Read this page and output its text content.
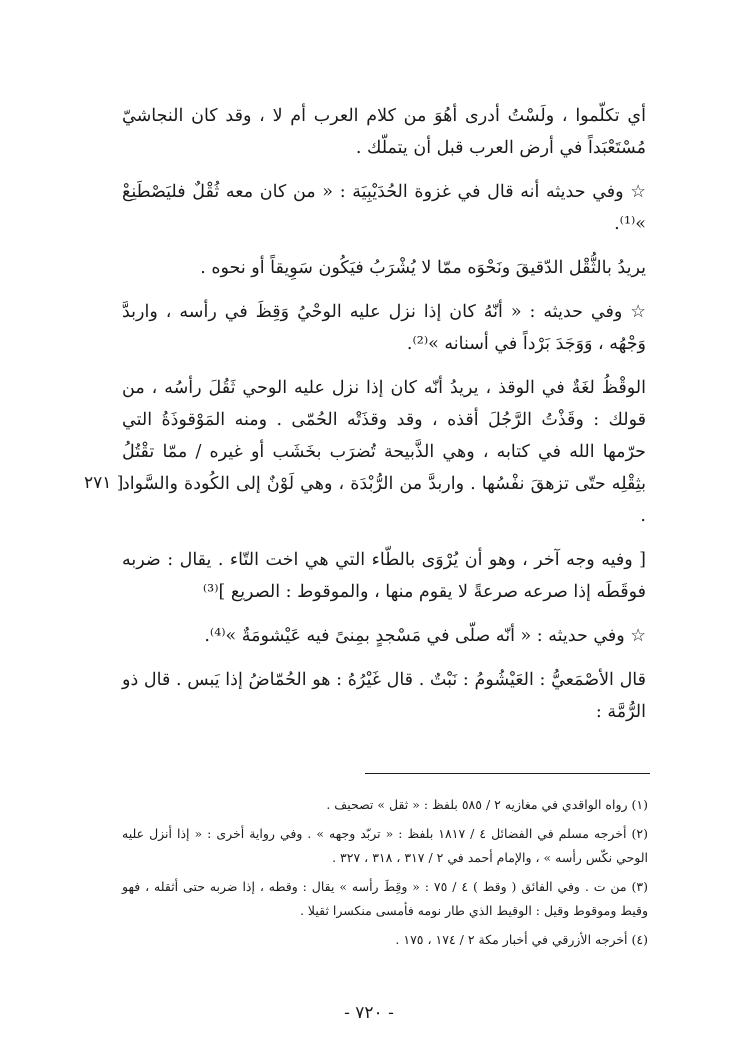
أي تكلّموا ، ولَسْتُ أدرى أهُوَ من كلام العرب أم لا ، وقد كان النجاشيّ مُسْتَعْبَداً في أرض العرب قبل أن يتملّك .

☆ وفي حديثه أنه قال في غزوة الحُدَيْبِيَة : « من كان معه ثُقْلٌ فليَصْطَنِعْ »⁽¹⁾.

يريدُ بالثُّقْل الدّقيقَ ونَحْوَه ممّا لا يُشْرَبُ فيَكُون سَوِيقاً أو نحوه .

☆ وفي حديثه : « أنّهُ كان إذا نزل عليه الوحْيُ وَقِظَ في رأسه ، واربدَّ وَجْهُه ، وَوَجَدَ بَرْداً في أسنانه »⁽²⁾.

الوقْظُ لغَةٌ في الوقذ ، يريدُ أنّه كان إذا نزل عليه الوحي ثَقُلَ رأسُه ، من قولك : وقَذْتُ الرَّجُلَ أقذه ، وقد وقذَتْه الحُمّى . ومنه المَوْقوذَةُ التي حرّمها الله في كتابه ، وهي الذَّبيحة تُضرَب بخَشَب أو غيره / ممّا تقْتُلُ بثِقْلِه حتّى تزهقَ نفْسُها . واربدَّ من الرُّبْدَة ، وهي لَوْنٌ إلى الكُودة والسَّواد .

[ وفيه وجه آخر ، وهو أن يُرْوَى بالطّاء التي هي اخت التّاء . يقال : ضربه فوقَطَه إذا صرعه صرعةً لا يقوم منها ، والموقوط : الصريع ]⁽³⁾

☆ وفي حديثه : « أنّه صلّى في مَسْجدٍ بمِنىً فيه عَيْشومَةٌ »⁽⁴⁾.

قال الأصْمَعيُّ : العَيْشُومُ : نَبْتٌ . قال غَيْرُهُ : هو الحُمّاضُ إذا يَبس . قال ذو الرُّمَّة :

[ ٢٧١

(١) رواه الواقدي في مغازيه ٢ / ٥٨٥ بلفظ : « ثقل » تصحيف .

(٢) أخرجه مسلم في الفضائل ٤ / ١٨١٧ بلفظ : « تربّد وجهه » . وفي رواية أخرى : « إذا أنزل عليه الوحي نكّس رأسه » ، والإمام أحمد في ٢ / ٣١٧ ، ٣١٨ ، ٣٢٧ .

(٣) من ت . وفي الفائق ( وقط ) ٤ / ٧٥ : « وقِطَ رأسه » يقال : وقطه ، إذا ضربه حتى أثقله ، فهو وقيط وموقوط وقيل : الوقيط الذي طار نومه فأمسى منكسرا ثقيلا .

(٤) أخرجه الأزرقي في أخبار مكة ٢ / ١٧٤ ، ١٧٥ .

- ٧٢٠ -
